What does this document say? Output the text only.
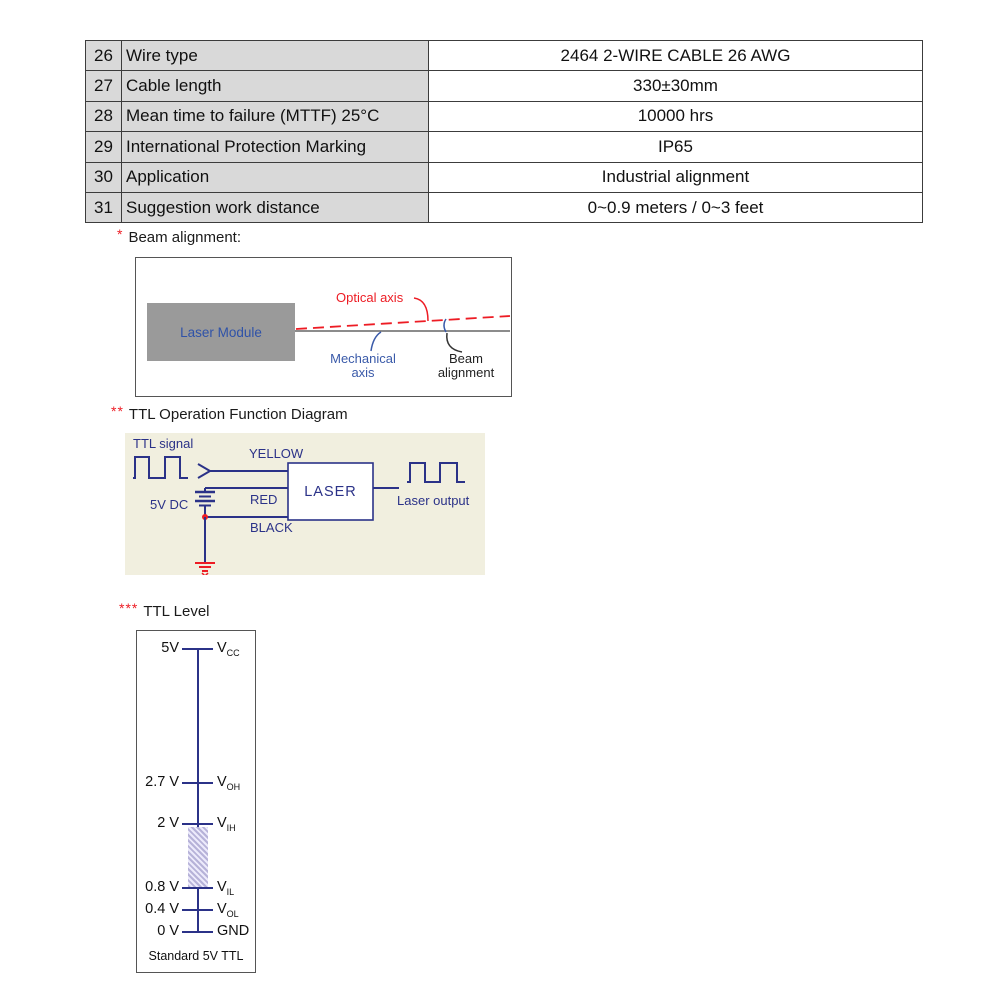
26	Wire type	2464 2-WIRE CABLE 26 AWG
27	Cable length	330±30mm
28	Mean time to failure (MTTF) 25°C	10000 hrs
29	International Protection Marking	IP65
30	Application	Industrial alignment
31	Suggestion work distance	0~0.9 meters / 0~3 feet
* Beam alignment:
Laser Module
Optical axis
Mechanical axis
Beam alignment
** TTL Operation Function Diagram
TTL signal
YELLOW
RED
BLACK
5V DC	Laser output
LASER
*** TTL Level
5V	$V_{CC}$
2.7 V	$V_{OH}$
2 V	$V_{IH}$
0.8 V	$V_{IL}$
0.4 V	$V_{OL}$
0 V	GND
Standard 5V TTL
